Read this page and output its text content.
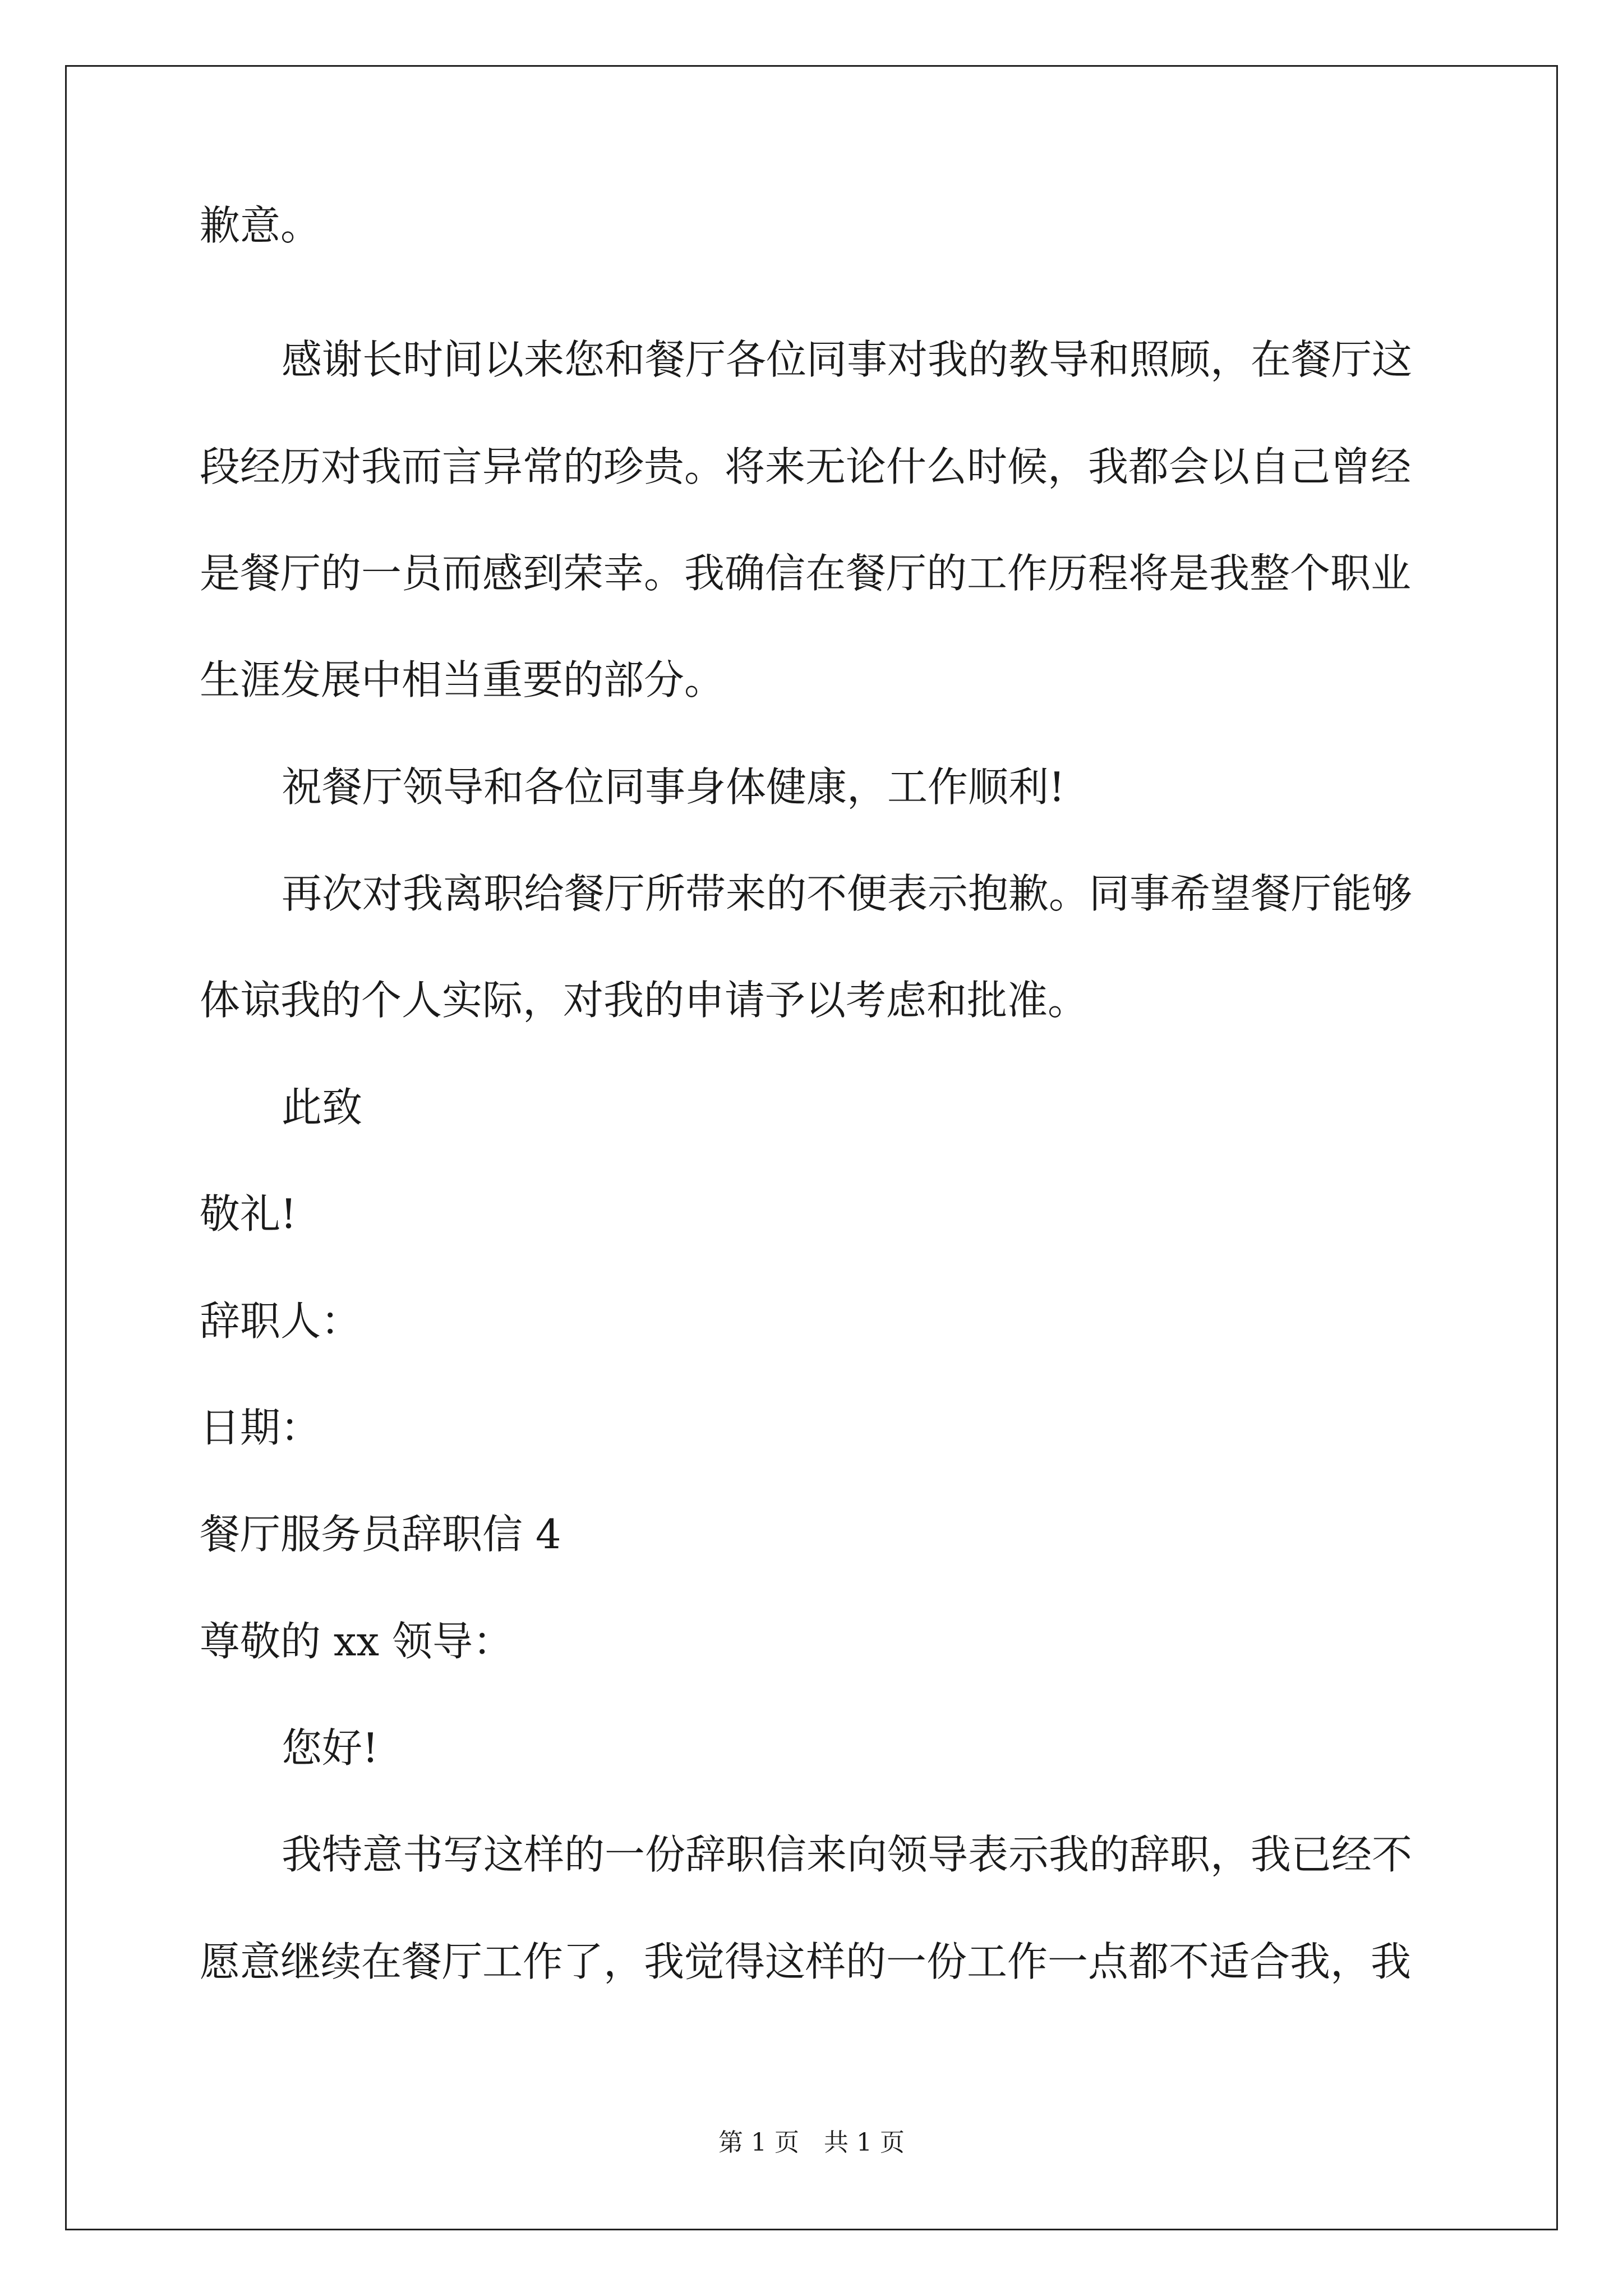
歉意。
感谢长时间以来您和餐厅各位同事对我的教导和照顾，在餐厅这
段经历对我而言异常的珍贵。将来无论什么时候，我都会以自己曾经
是餐厅的一员而感到荣幸。我确信在餐厅的工作历程将是我整个职业
生涯发展中相当重要的部分。
祝餐厅领导和各位同事身体健康，工作顺利!
再次对我离职给餐厅所带来的不便表示抱歉。同事希望餐厅能够
体谅我的个人实际，对我的申请予以考虑和批准。
此致
敬礼!
辞职人：
日期：
餐厅服务员辞职信 4
尊敬的 xx 领导：
您好!
我特意书写这样的一份辞职信来向领导表示我的辞职，我已经不
愿意继续在餐厅工作了，我觉得这样的一份工作一点都不适合我，我
第 1 页　共 1 页
